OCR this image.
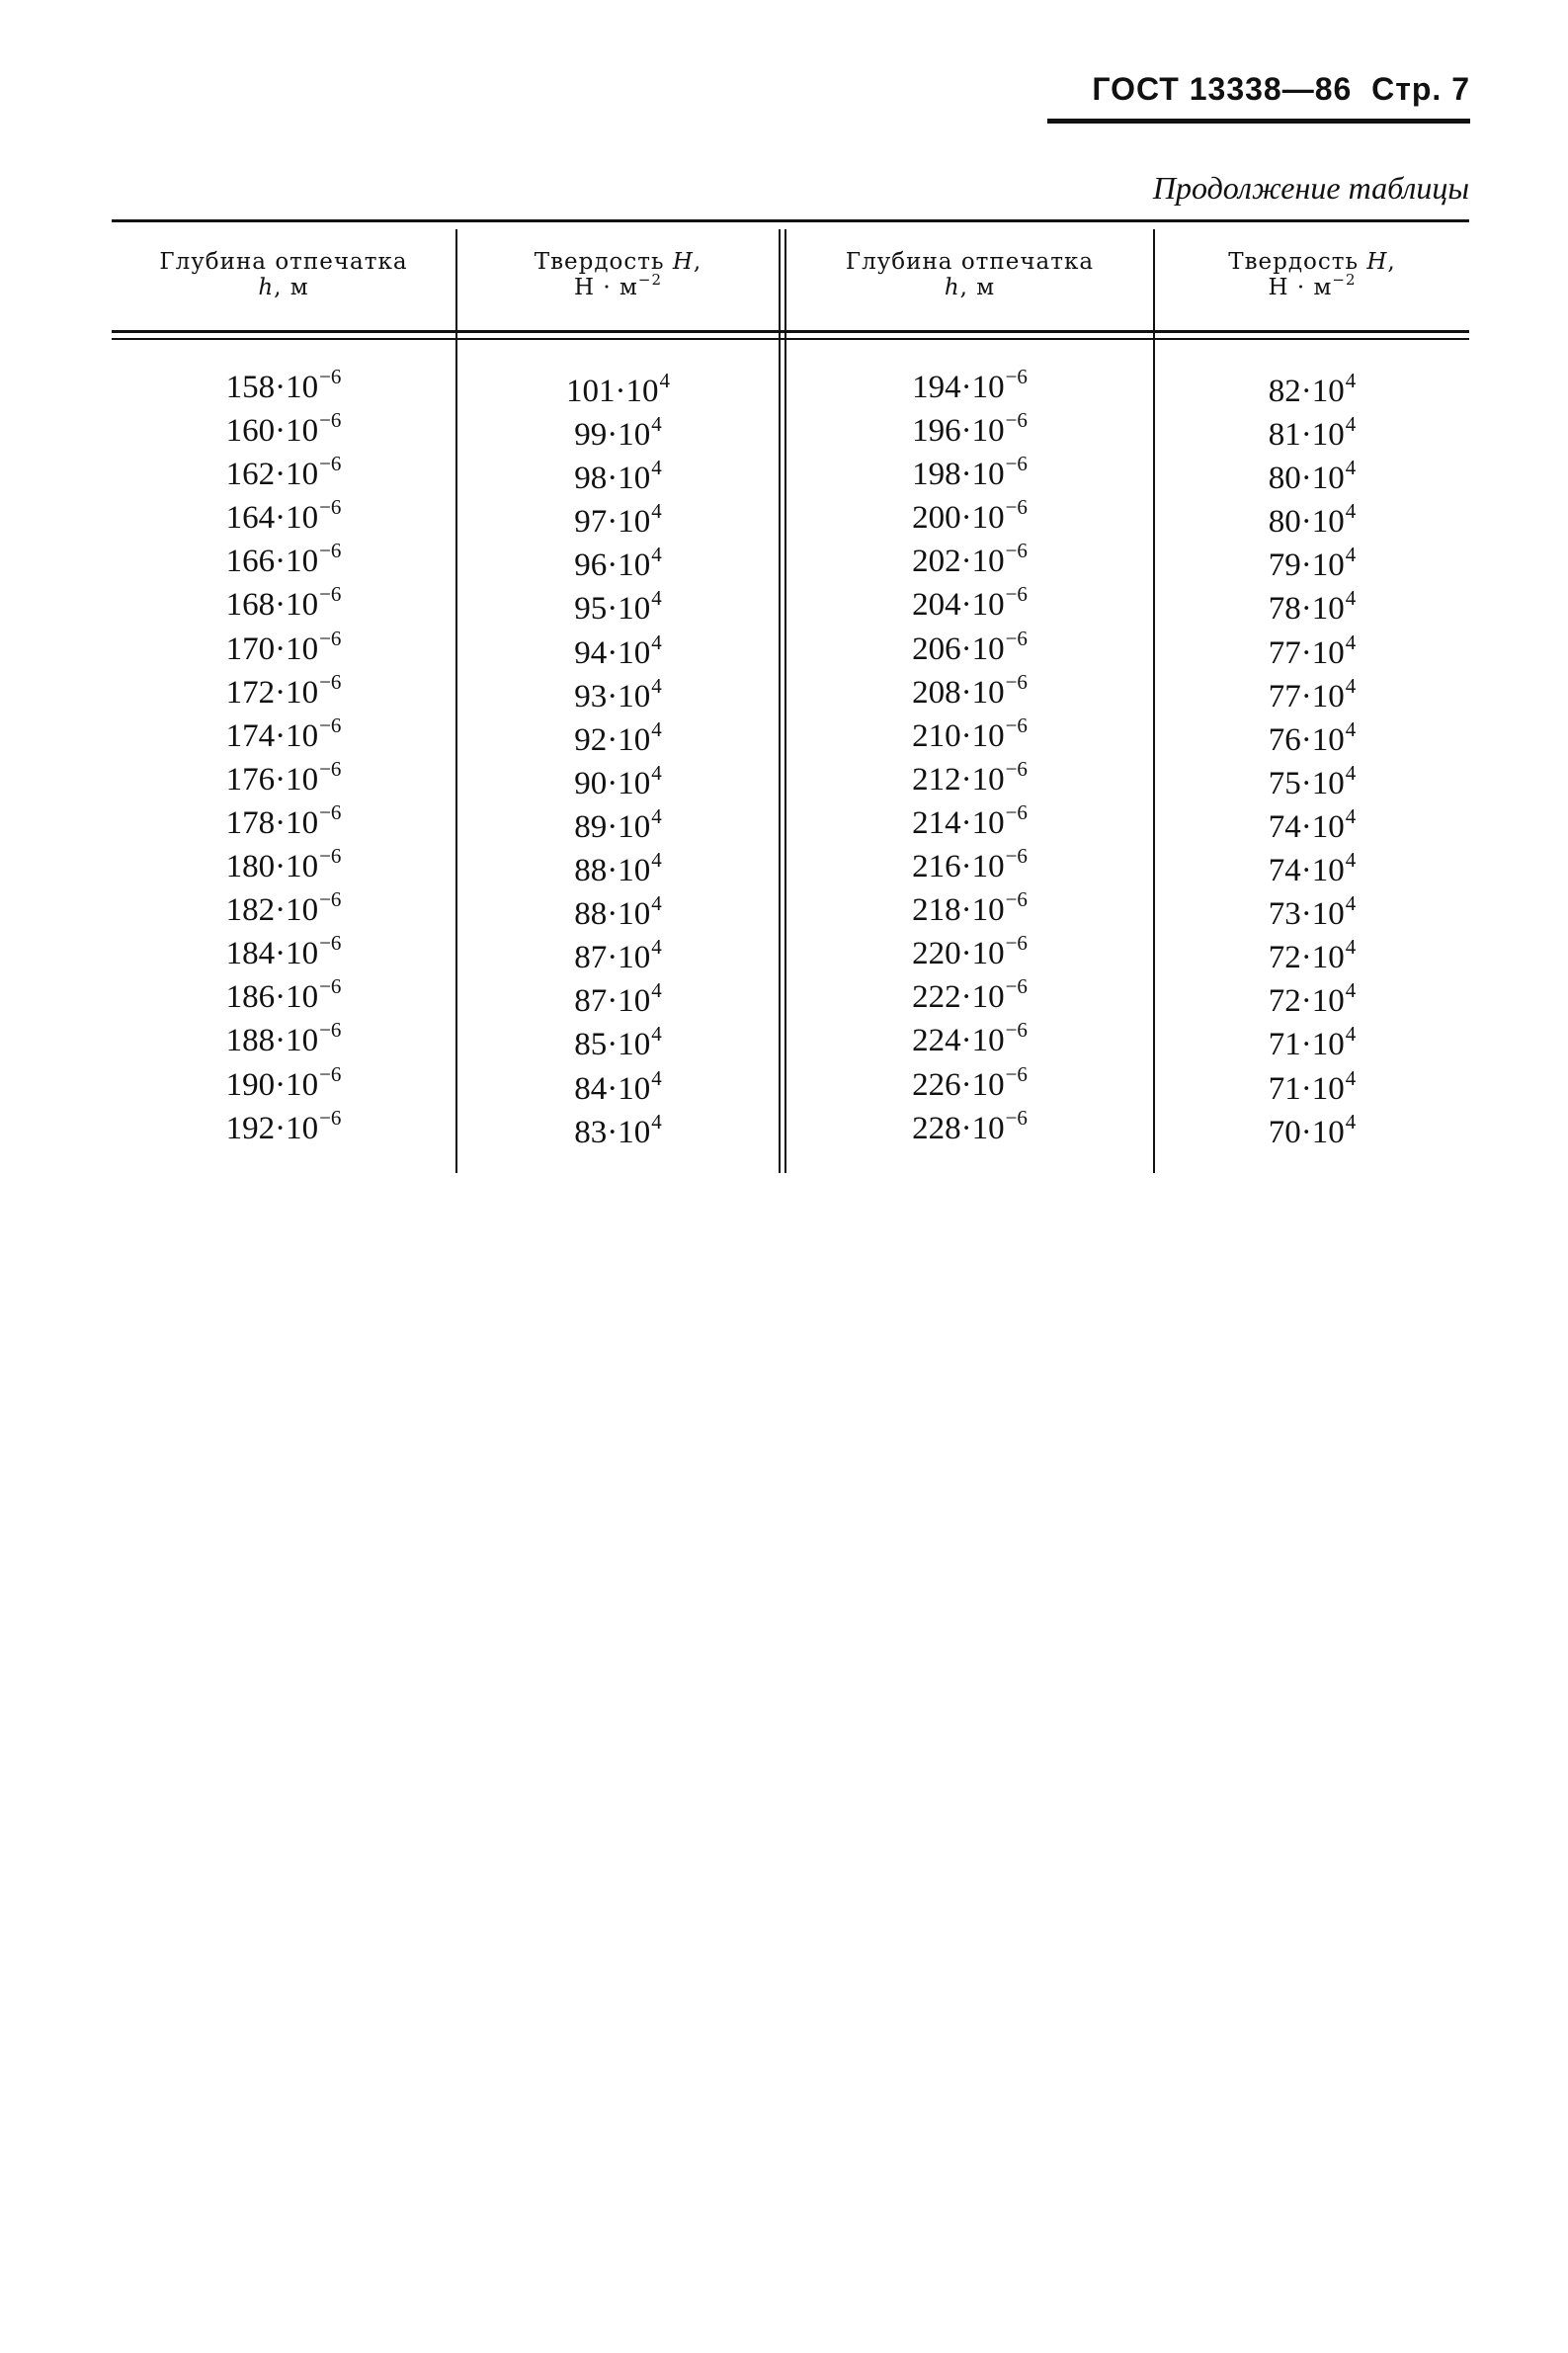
ГОСТ 13338—86 Стр. 7
Продолжение таблицы
Глубина отпечатка
h, м
Твердость H,
$Н \cdot м^{-2}$
Глубина отпечатка
h, м
Твердость H,
$Н \cdot м^{-2}$
$158\cdot 10^{-6}$
$160\cdot 10^{-6}$
$162\cdot 10^{-6}$
$164\cdot 10^{-6}$
$166\cdot 10^{-6}$
$168\cdot 10^{-6}$
$170\cdot 10^{-6}$
$172\cdot 10^{-6}$
$174\cdot 10^{-6}$
$176\cdot 10^{-6}$
$178\cdot 10^{-6}$
$180\cdot 10^{-6}$
$182\cdot 10^{-6}$
$184\cdot 10^{-6}$
$186\cdot 10^{-6}$
$188\cdot 10^{-6}$
$190\cdot 10^{-6}$
$192\cdot 10^{-6}$
$101\cdot 10^4$
$99\cdot 10^4$
$98\cdot 10^4$
$97\cdot 10^4$
$96\cdot 10^4$
$95\cdot 10^4$
$94\cdot 10^4$
$93\cdot 10^4$
$92\cdot 10^4$
$90\cdot 10^4$
$89\cdot 10^4$
$88\cdot 10^4$
$88\cdot 10^4$
$87\cdot 10^4$
$87\cdot 10^4$
$85\cdot 10^4$
$84\cdot 10^4$
$83\cdot 10^4$
$194\cdot 10^{-6}$
$196\cdot 10^{-6}$
$198\cdot 10^{-6}$
$200\cdot 10^{-6}$
$202\cdot 10^{-6}$
$204\cdot 10^{-6}$
$206\cdot 10^{-6}$
$208\cdot 10^{-6}$
$210\cdot 10^{-6}$
$212\cdot 10^{-6}$
$214\cdot 10^{-6}$
$216\cdot 10^{-6}$
$218\cdot 10^{-6}$
$220\cdot 10^{-6}$
$222\cdot 10^{-6}$
$224\cdot 10^{-6}$
$226\cdot 10^{-6}$
$228\cdot 10^{-6}$
$82\cdot 10^4$
$81\cdot 10^4$
$80\cdot 10^4$
$80\cdot 10^4$
$79\cdot 10^4$
$78\cdot 10^4$
$77\cdot 10^4$
$77\cdot 10^4$
$76\cdot 10^4$
$75\cdot 10^4$
$74\cdot 10^4$
$74\cdot 10^4$
$73\cdot 10^4$
$72\cdot 10^4$
$72\cdot 10^4$
$71\cdot 10^4$
$71\cdot 10^4$
$70\cdot 10^4$
